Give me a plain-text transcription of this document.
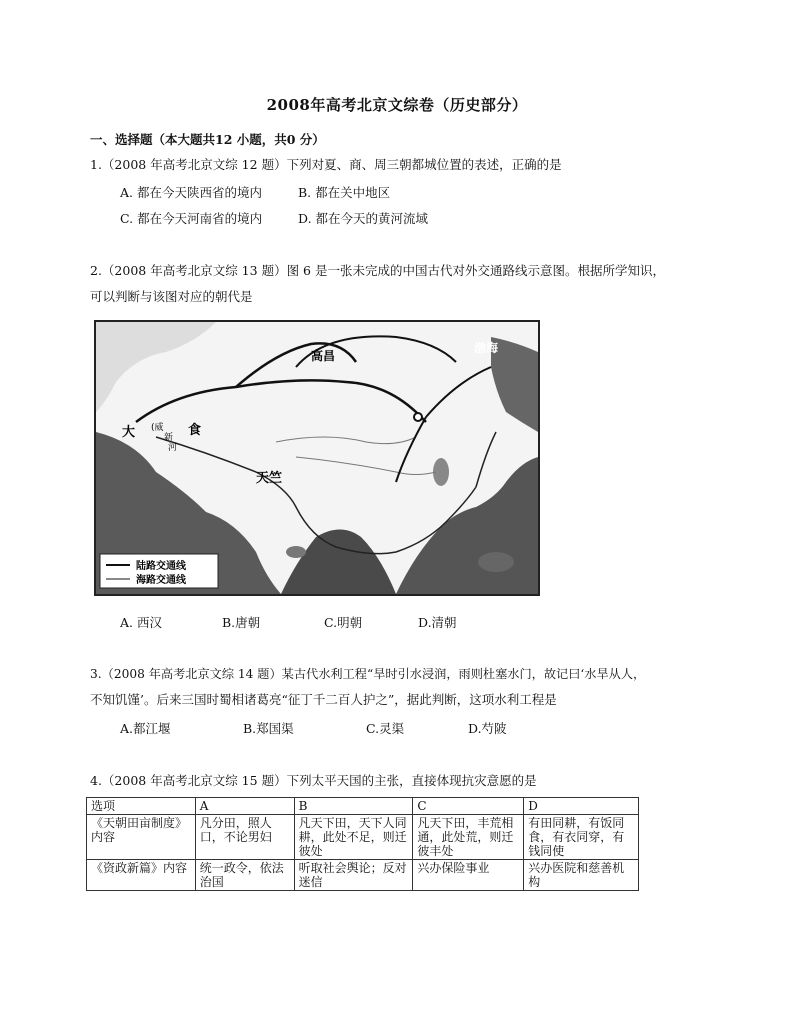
2008年高考北京文综卷（历史部分）
一、选择题（本大题共12 小题，共0 分）
1.（2008 年高考北京文综 12 题）下列对夏、商、周三朝都城位置的表述，正确的是
A. 都在今天陕西省的境内	B. 都在关中地区
C. 都在今天河南省的境内	D. 都在今天的黄河流域
2.（2008 年高考北京文综 13 题）图 6 是一张未完成的中国古代对外交通路线示意图。根据所学知识，
可以判断与该图对应的朝代是
陆路交通线
海路交通线
高昌
渤海
大	食
(威
新
河
天竺
A. 西汉	B.唐朝	C.明朝	D.清朝
3.（2008 年高考北京文综 14 题）某古代水利工程“旱时引水浸润，雨则杜塞水门，故记曰‘水旱从人，
不知饥馑’。后来三国时蜀相诸葛亮“征丁千二百人护之”，据此判断，这项水利工程是
A.都江堰	B.郑国渠	C.灵渠	D.芍陂
4.（2008 年高考北京文综 15 题）下列太平天国的主张，直接体现抗灾意愿的是
选项	A	B	C	D
《天朝田亩制度》内容	凡分田，照人口，不论男妇	凡天下田，天下人同耕，此处不足，则迁彼处	凡天下田，丰荒相通，此处荒，则迁彼丰处	有田同耕，有饭同食，有衣同穿，有钱同使
《资政新篇》内容	统一政令，依法治国	听取社会舆论；反对迷信	兴办保险事业	兴办医院和慈善机构
